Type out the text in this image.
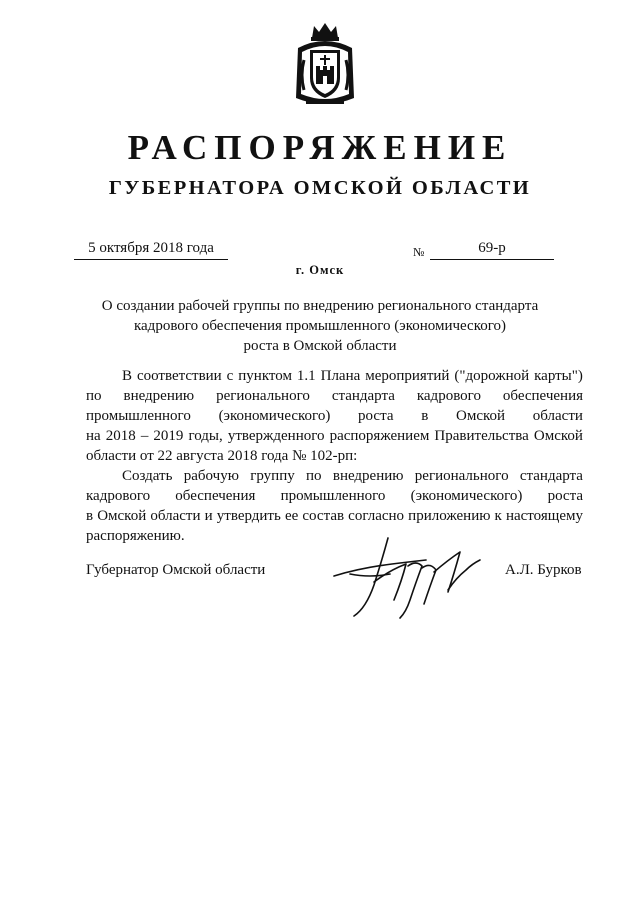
РАСПОРЯЖЕНИЕ
ГУБЕРНАТОРА ОМСКОЙ ОБЛАСТИ
5 октября 2018 года	№	69-р
г. Омск
О создании рабочей группы по внедрению регионального стандарта
кадрового обеспечения промышленного (экономического)
роста в Омской области
В соответствии с пунктом 1.1 Плана мероприятий ("дорожной карты")
по внедрению регионального стандарта кадрового обеспечения
промышленного (экономического) роста в Омской области
на 2018 – 2019 годы, утвержденного распоряжением Правительства Омской
области от 22 августа 2018 года № 102-рп:
Создать рабочую группу по внедрению регионального стандарта
кадрового обеспечения промышленного (экономического) роста
в Омской области и утвердить ее состав согласно приложению к настоящему
распоряжению.
Губернатор Омской области	А.Л. Бурков
